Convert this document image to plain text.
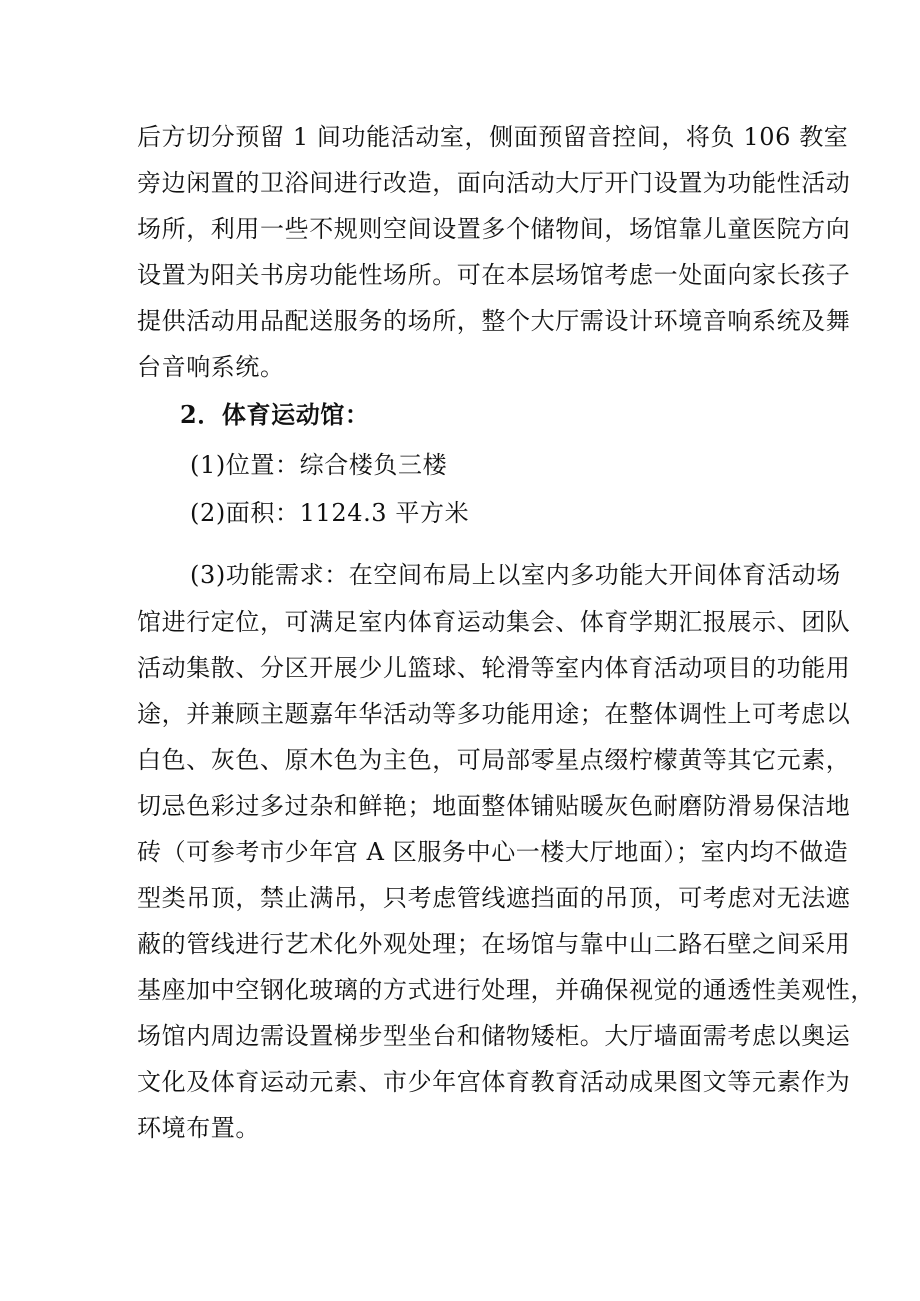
后方切分预留 1 间功能活动室，侧面预留音控间，将负 106 教室
旁边闲置的卫浴间进行改造，面向活动大厅开门设置为功能性活动
场所，利用一些不规则空间设置多个储物间，场馆靠儿童医院方向
设置为阳关书房功能性场所。可在本层场馆考虑一处面向家长孩子
提供活动用品配送服务的场所，整个大厅需设计环境音响系统及舞
台音响系统。
2．体育运动馆：
(1)位置：综合楼负三楼
(2)面积：1124.3 平方米
(3)功能需求：在空间布局上以室内多功能大开间体育活动场
馆进行定位，可满足室内体育运动集会、体育学期汇报展示、团队
活动集散、分区开展少儿篮球、轮滑等室内体育活动项目的功能用
途，并兼顾主题嘉年华活动等多功能用途；在整体调性上可考虑以
白色、灰色、原木色为主色，可局部零星点缀柠檬黄等其它元素，
切忌色彩过多过杂和鲜艳；地面整体铺贴暖灰色耐磨防滑易保洁地
砖（可参考市少年宫 A 区服务中心一楼大厅地面）；室内均不做造
型类吊顶，禁止满吊，只考虑管线遮挡面的吊顶，可考虑对无法遮
蔽的管线进行艺术化外观处理；在场馆与靠中山二路石壁之间采用
基座加中空钢化玻璃的方式进行处理，并确保视觉的通透性美观性，
场馆内周边需设置梯步型坐台和储物矮柜。大厅墙面需考虑以奥运
文化及体育运动元素、市少年宫体育教育活动成果图文等元素作为
环境布置。
